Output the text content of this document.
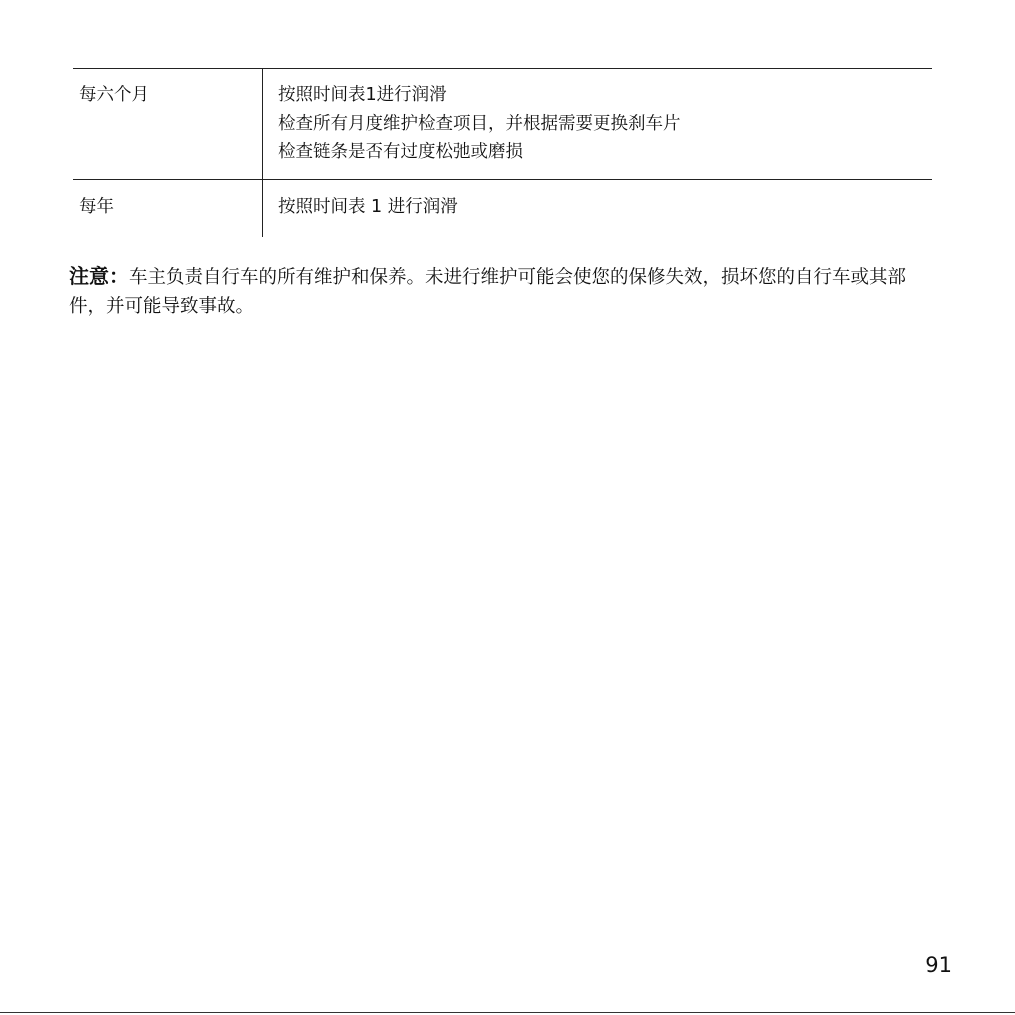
每六个月	按照时间表1进行润滑
检查所有月度维护检查项目，并根据需要更换刹车片
检查链条是否有过度松弛或磨损

每年	按照时间表 1 进行润滑

注意：车主负责自行车的所有维护和保养。未进行维护可能会使您的保修失效，损坏您的自行车或其部件，并可能导致事故。

91
